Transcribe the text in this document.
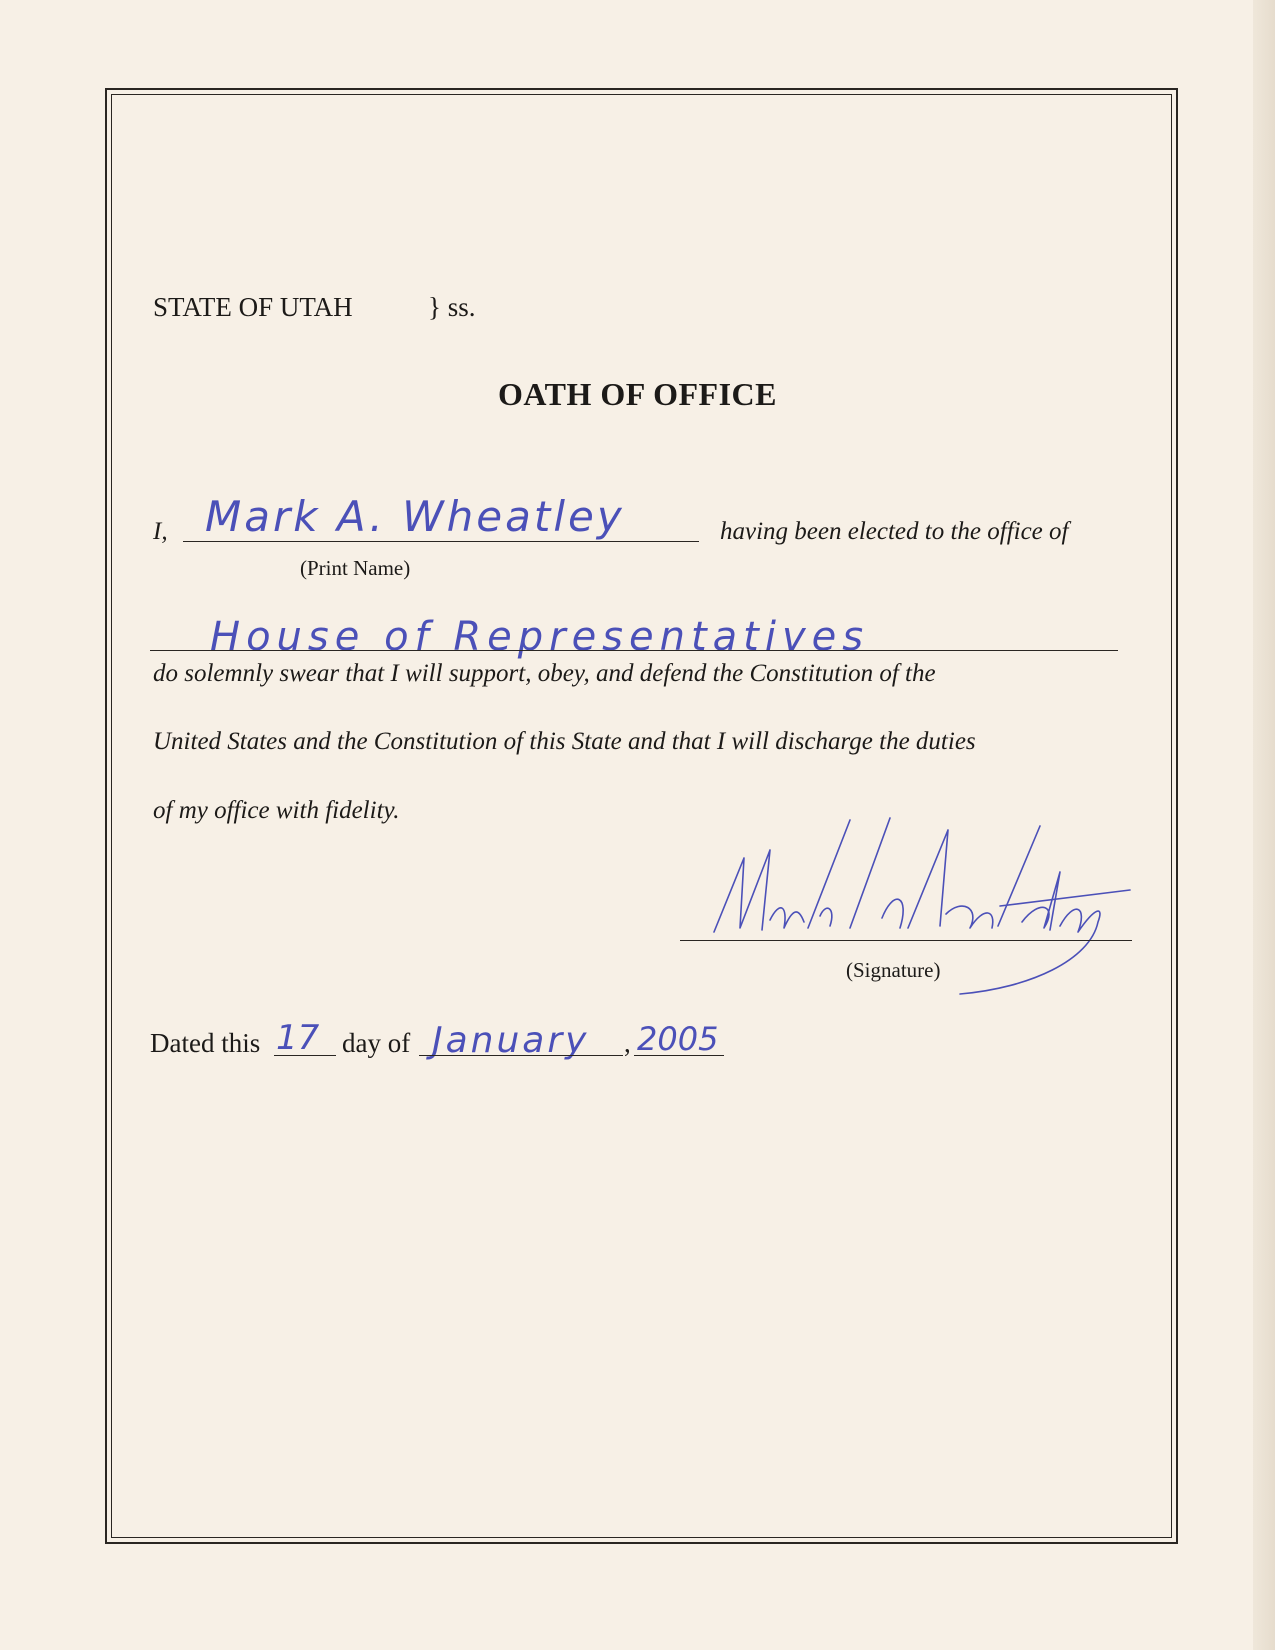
STATE OF UTAH	} ss.
OATH OF OFFICE
I, Mark A. Wheatley	having been elected to the office of
(Print Name)
House of Representatives
do solemnly swear that I will support, obey, and defend the Constitution of the
United States and the Constitution of this State and that I will discharge the duties
of my office with fidelity.
(Signature)
Dated this 17 day of January , 2005
